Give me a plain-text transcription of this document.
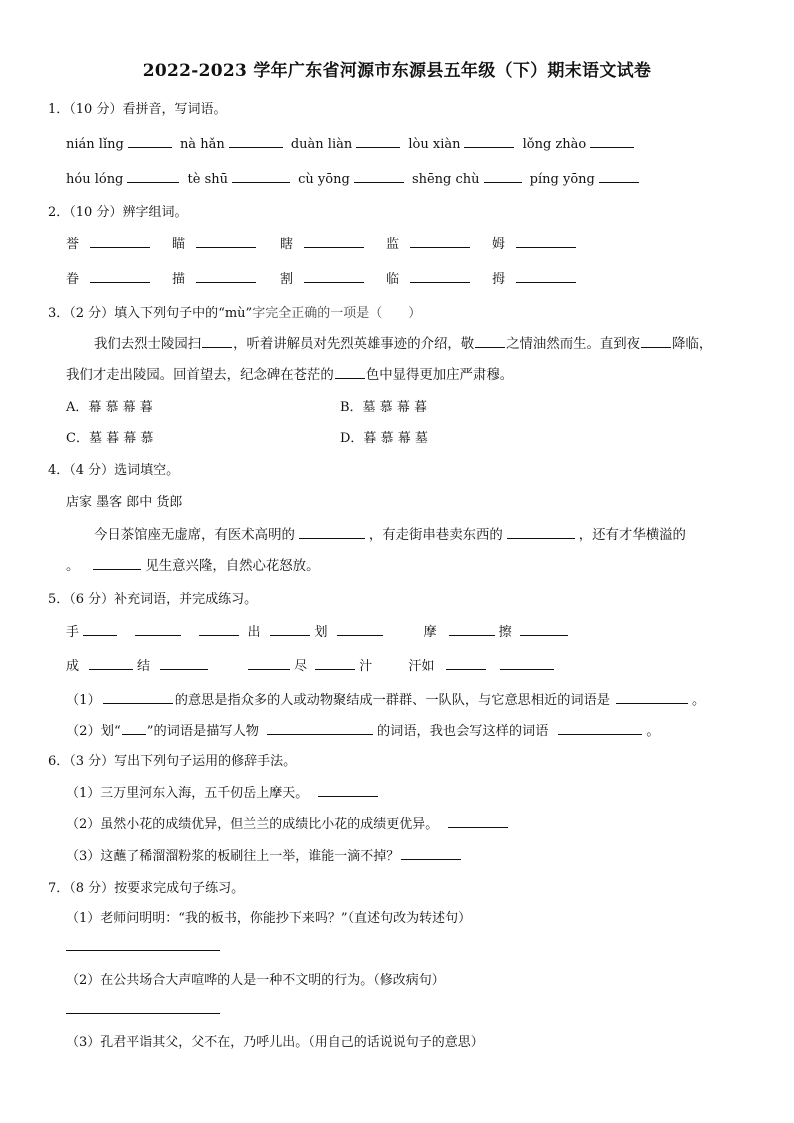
2022-2023 学年广东省河源市东源县五年级（下）期末语文试卷
1．（10 分）看拼音，写词语。
nián lǐng	nà hǎn	duàn liàn	lòu xiàn	lǒng zhào
hóu lóng	tè shū	cù yōng	shēng chù	píng yōng
2．（10 分）辨字组词。
誉	瞄	瞎	监	姆
眷	描	割	临	拇
3．（2 分）填入下列句子中的“mù”字完全正确的一项是（　　）
我们去烈士陵园扫 ，听着讲解员对先烈英雄事迹的介绍，敬 之情油然而生。直到夜 降临，
我们才走出陵园。回首望去，纪念碑在苍茫的 色中显得更加庄严肃穆。
A．幕 慕 幕 暮	B．墓 慕 幕 暮
C．墓 暮 幕 慕	D．暮 慕 幕 墓
4．（4 分）选词填空。
店家 墨客 郎中 货郎
今日茶馆座无虚席，有医术高明的	，有走街串巷卖东西的	，还有才华横溢的
。	见生意兴隆，自然心花怒放。
5．（6 分）补充词语，并完成练习。
手	出	划	摩	擦
成	结	尽	汁	汗如
（1）	的意思是指众多的人或动物聚结成一群群、一队队，与它意思相近的词语是	。
（2）划“ ”的词语是描写人物	的词语，我也会写这样的词语	。
6．（3 分）写出下列句子运用的修辞手法。
（1）三万里河东入海，五千仞岳上摩天。
（2）虽然小花的成绩优异，但兰兰的成绩比小花的成绩更优异。
（3）这蘸了稀溜溜粉浆的板刷往上一举，谁能一滴不掉？
7．（8 分）按要求完成句子练习。
（1）老师问明明：“我的板书，你能抄下来吗？”（直述句改为转述句）
（2）在公共场合大声喧哗的人是一种不文明的行为。（修改病句）
（3）孔君平诣其父，父不在，乃呼儿出。（用自己的话说说句子的意思）
